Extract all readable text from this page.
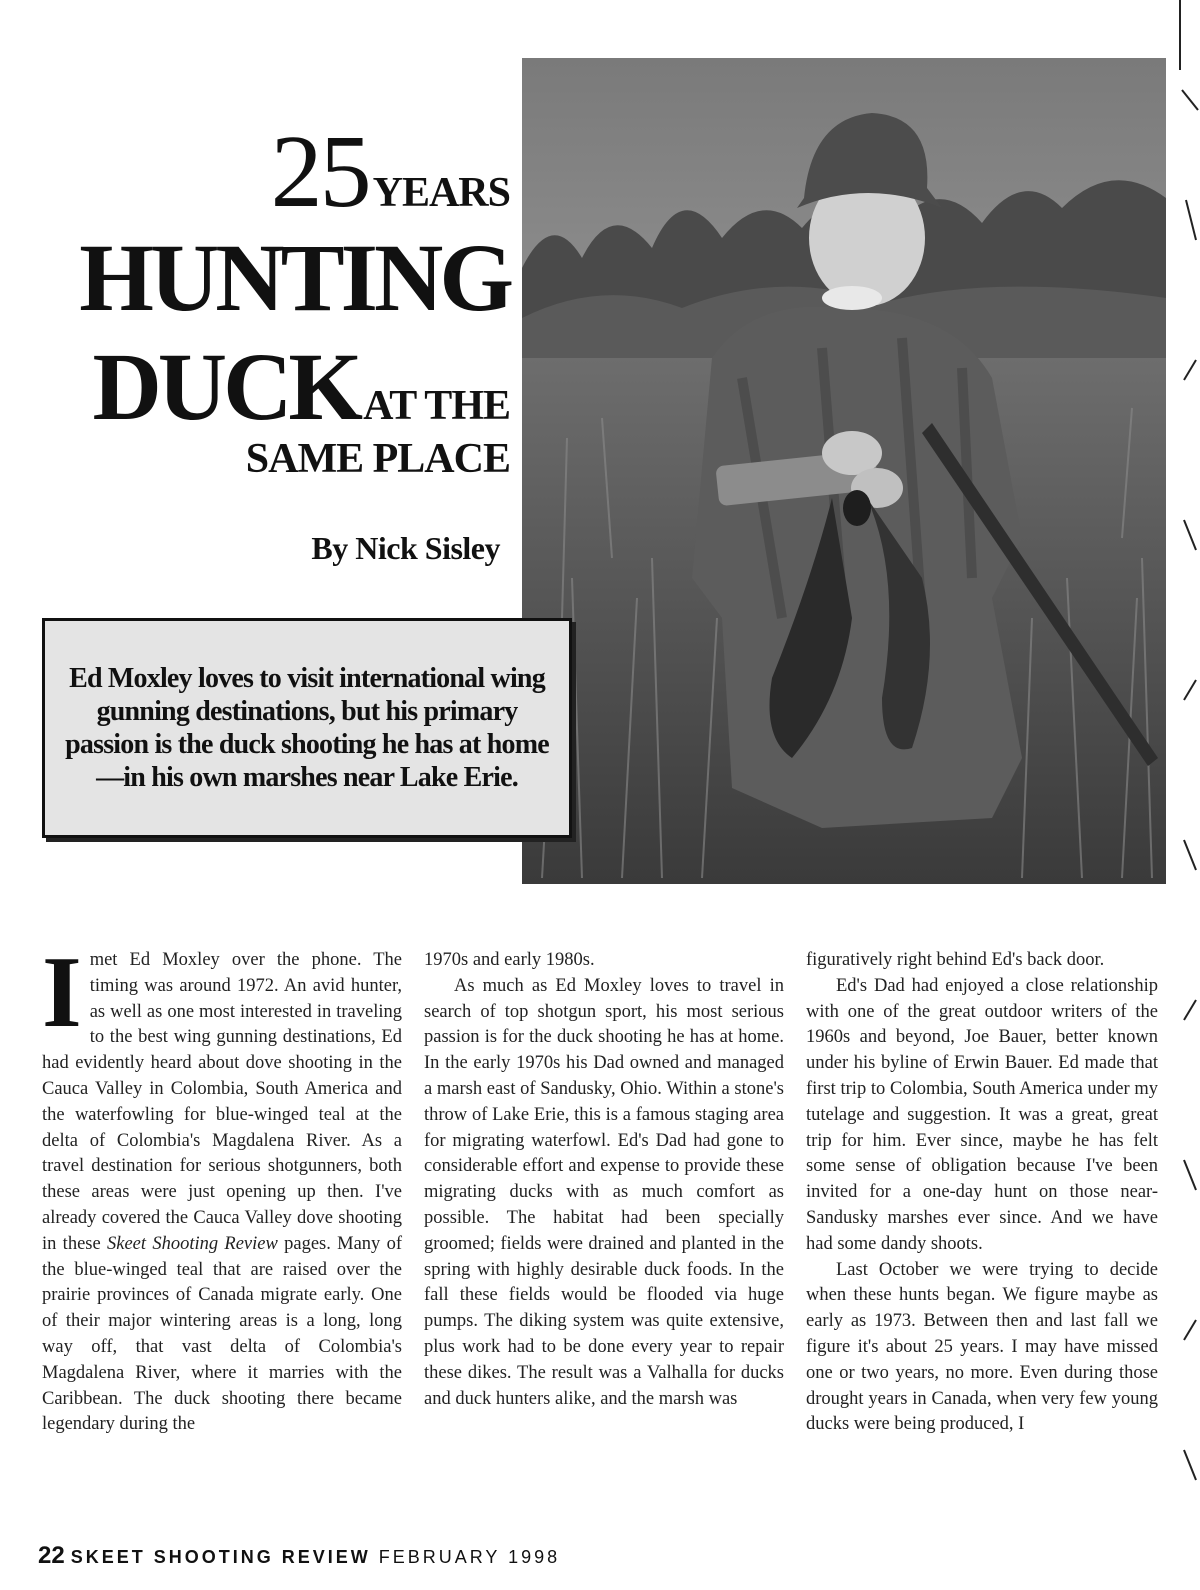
25 YEARS
HUNTING
DUCK AT THE
SAME PLACE
By Nick Sisley
Ed Moxley loves to visit international wing gunning destinations, but his primary passion is the duck shooting he has at home—in his own marshes near Lake Erie.

I met Ed Moxley over the phone. The timing was around 1972. An avid hunter, as well as one most interested in traveling to the best wing gunning destinations, Ed had evidently heard about dove shooting in the Cauca Valley in Colombia, South America and the waterfowling for blue-winged teal at the delta of Colombia's Magdalena River. As a travel destination for serious shotgunners, both these areas were just opening up then. I've already covered the Cauca Valley dove shooting in these Skeet Shooting Review pages. Many of the blue-winged teal that are raised over the prairie provinces of Canada migrate early. One of their major wintering areas is a long, long way off, that vast delta of Colombia's Magdalena River, where it marries with the Caribbean. The duck shooting there became legendary during the

1970s and early 1980s.

As much as Ed Moxley loves to travel in search of top shotgun sport, his most serious passion is for the duck shooting he has at home. In the early 1970s his Dad owned and managed a marsh east of Sandusky, Ohio. Within a stone's throw of Lake Erie, this is a famous staging area for migrating waterfowl. Ed's Dad had gone to considerable effort and expense to provide these migrating ducks with as much comfort as possible. The habitat had been specially groomed; fields were drained and planted in the spring with highly desirable duck foods. In the fall these fields would be flooded via huge pumps. The diking system was quite extensive, plus work had to be done every year to repair these dikes. The result was a Valhalla for ducks and duck hunters alike, and the marsh was

figuratively right behind Ed's back door.

Ed's Dad had enjoyed a close relationship with one of the great outdoor writers of the 1960s and beyond, Joe Bauer, better known under his byline of Erwin Bauer. Ed made that first trip to Colombia, South America under my tutelage and suggestion. It was a great, great trip for him. Ever since, maybe he has felt some sense of obligation because I've been invited for a one-day hunt on those near-Sandusky marshes ever since. And we have had some dandy shoots.

Last October we were trying to decide when these hunts began. We figure maybe as early as 1973. Between then and last fall we figure it's about 25 years. I may have missed one or two years, no more. Even during those drought years in Canada, when very few young ducks were being produced, I

22 SKEET SHOOTING REVIEW FEBRUARY 1998
